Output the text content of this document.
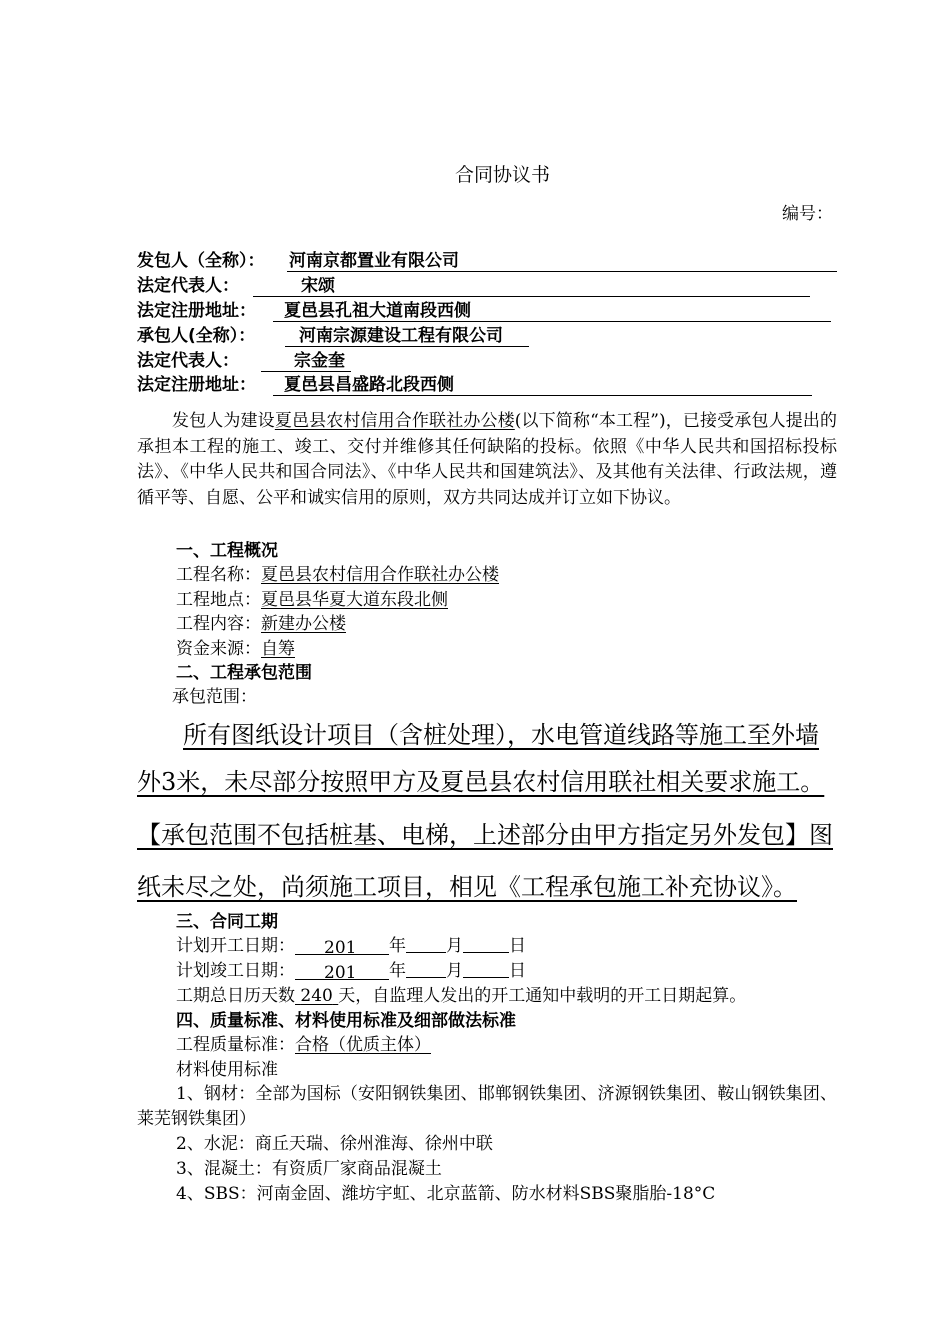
合同协议书
编号：
发包人（全称）： 河南京都置业有限公司
法定代表人：	宋颂
法定注册地址： 夏邑县孔祖大道南段西侧
承包人(全称）：	河南宗源建设工程有限公司
法定代表人：	宗金奎
法定注册地址： 夏邑县昌盛路北段西侧
发包人为建设夏邑县农村信用合作联社办公楼(以下简称“本工程”)，已接受承包人提出的承担本工程的施工、竣工、交付并维修其任何缺陷的投标。依照《中华人民共和国招标投标法》、《中华人民共和国合同法》、《中华人民共和国建筑法》、及其他有关法律、行政法规，遵循平等、自愿、公平和诚实信用的原则，双方共同达成并订立如下协议。
一、工程概况
工程名称：夏邑县农村信用合作联社办公楼
工程地点：夏邑县华夏大道东段北侧
工程内容：新建办公楼
资金来源：自筹
二、工程承包范围
承包范围：
所有图纸设计项目（含桩处理），水电管道线路等施工至外墙
外3米，未尽部分按照甲方及夏邑县农村信用联社相关要求施工。
【承包范围不包括桩基、电梯，上述部分由甲方指定另外发包】图
纸未尽之处，尚须施工项目，相见《工程承包施工补充协议》。
三、合同工期
计划开工日期： 201 年 月	日
计划竣工日期： 201 年 月	日
工期总日历天数 240 天，自监理人发出的开工通知中载明的开工日期起算。
四、质量标准、材料使用标准及细部做法标准
工程质量标准：合格（优质主体）
材料使用标准
1、钢材：全部为国标（安阳钢铁集团、邯郸钢铁集团、济源钢铁集团、鞍山钢铁集团、莱芜钢铁集团）
2、水泥：商丘天瑞、徐州淮海、徐州中联
3、混凝土：有资质厂家商品混凝土
4、SBS：河南金固、潍坊宇虹、北京蓝箭、防水材料SBS聚脂胎-18°C
